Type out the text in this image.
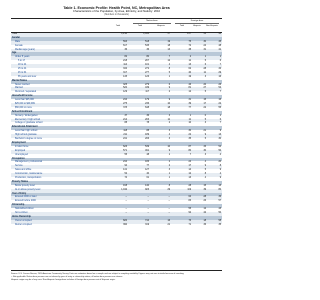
Table 1. Economic Profile: Health Point, NC, Metropolitan Area
Characteristics of the Population, by Area, Ethnicity, and Nativity: 2010
(Numbers in thousands)
Native-born	Foreign-born
Total	Total	Hispanic	Total	Hispanic	Non-Hispanic
Total	1,210	1,063	37	147	54	93
Gender
Male	593	518	19	75	30	45
Female	617	545	18	72	24	48
Median age (years)	36	36	13	38	31	41
Age
Under 5 years	82	80	7	2	1	1
5 to 17	218	207	12	11	5	6
18 to 24	114	101	4	13	6	7
25 to 44	334	272	8	62	28	34
45 to 64	317	277	5	40	11	29
65 years and over	145	126	1	19	3	16
Marital Status
Never married	325	279	6	46	20	26
Married	520	439	9	81	27	54
Divorced / separated	129	117	2	12	5	7
Household Income
Less than $25,000	210	179	9	31	15	16
$25,000 to $49,999	275	236	10	39	17	22
$50,000 or more	725	648	18	77	22	55
School Enrollment
Nursery / kindergarten	37	36	3	1	0	1
Elementary / high school	214	203	11	11	5	6
College or graduate school	88	78	2	10	3	7
Educational Attainment
Less than high school	118	88	3	30	21	9
High school graduate	211	189	4	22	9	13
Bachelor's degree or more	241	206	3	35	5	30
Employment
In labor force	626	539	10	87	33	54
Employed	571	491	9	80	30	50
Unemployed	55	48	1	7	3	4
Occupation
Management, professional	210	186	2	24	4	20
Service	94	77	2	17	9	8
Sales and office	141	127	3	14	5	9
Construction, maintenance	52	40	1	12	8	4
Production, transportation	74	61	1	13	4	9
Poverty Status
Below poverty level	168	140	8	28	15	13
At or above poverty level	1,042	923	29	119	39	80
Year of Entry
Entered 2000 or later	--	--	--	64	28	36
Entered before 2000	--	--	--	83	26	57
Citizenship
Naturalized citizen	--	--	--	55	12	43
Not a citizen	--	--	--	92	42	50
Home Ownership
Owner occupied	820	744	16	76	18	58
Renter occupied	390	319	21	71	36	35

Source: U.S. Census Bureau, 2010 American Community Survey. Data are estimates based on a sample and are subject to sampling variability. Figures may not sum to totals because of rounding.

-- Not applicable. Native-born persons are not shown by year of entry or citizenship status; all native-born persons are citizens.

Hispanic origin may be of any race. Non-Hispanic foreign-born includes all foreign-born persons not of Hispanic origin.
